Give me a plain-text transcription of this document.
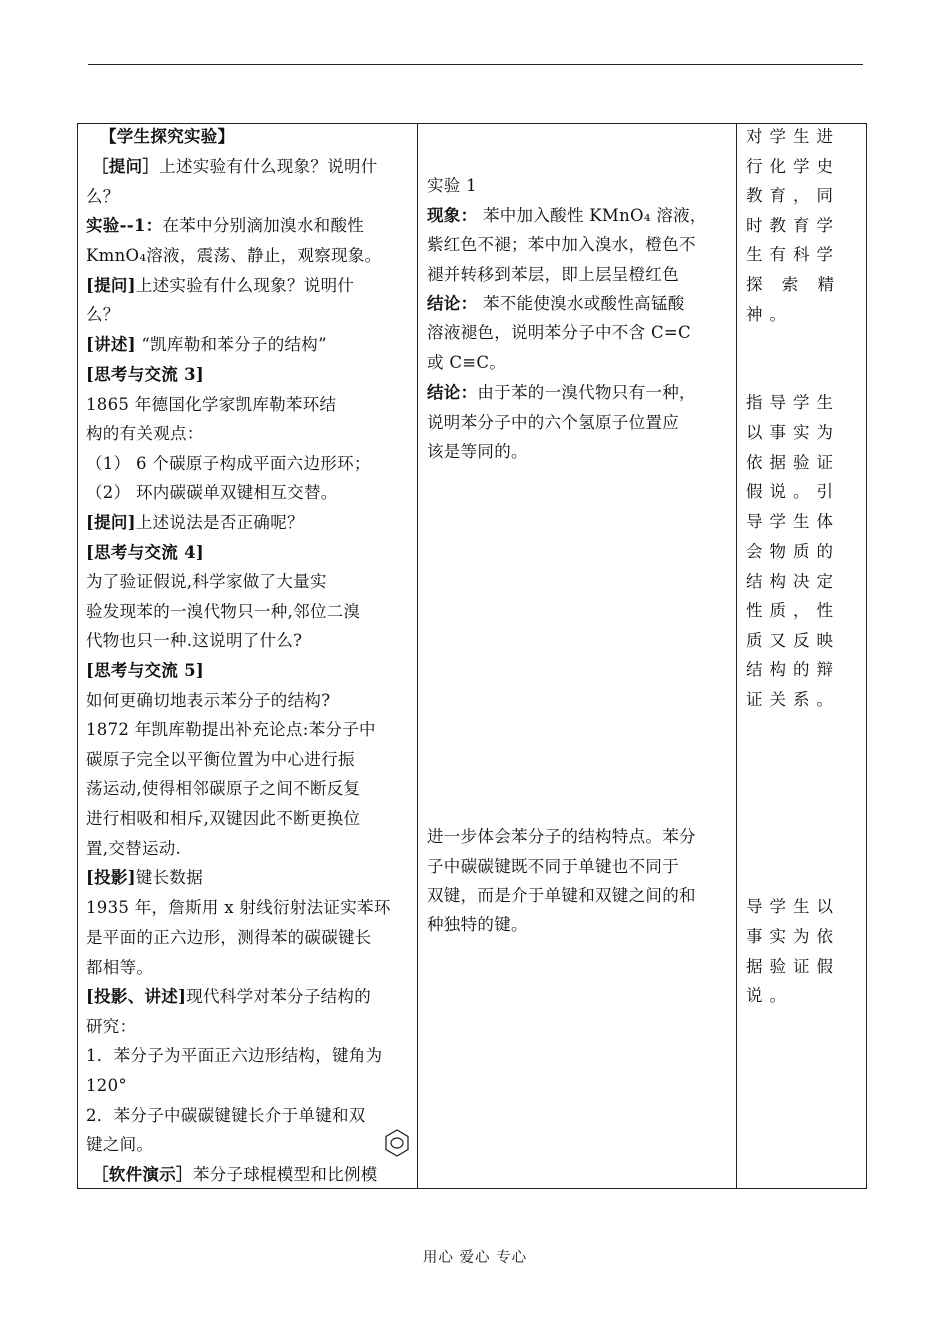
【学生探究实验】
［提问］上述实验有什么现象？说明什
么？
实验--1：在苯中分别滴加溴水和酸性
KmnO₄溶液，震荡、静止，观察现象。
[提问]上述实验有什么现象？说明什
么？
[讲述] “凯库勒和苯分子的结构”
[思考与交流 3]
1865 年德国化学家凯库勒苯环结
构的有关观点：
（1） 6 个碳原子构成平面六边形环；
（2） 环内碳碳单双键相互交替。
[提问]上述说法是否正确呢？
[思考与交流 4]
为了验证假说,科学家做了大量实
验发现苯的一溴代物只一种,邻位二溴
代物也只一种.这说明了什么?
[思考与交流 5]
如何更确切地表示苯分子的结构?
1872 年凯库勒提出补充论点:苯分子中
碳原子完全以平衡位置为中心进行振
荡运动,使得相邻碳原子之间不断反复
进行相吸和相斥,双键因此不断更换位
置,交替运动.
[投影]键长数据
1935 年，詹斯用 x 射线衍射法证实苯环
是平面的正六边形，测得苯的碳碳键长
都相等。
[投影、讲述]现代科学对苯分子结构的
研究：
1．苯分子为平面正六边形结构，键角为
120°
2．苯分子中碳碳键键长介于单键和双
键之间。
［软件演示］苯分子球棍模型和比例模
实验 1
现象： 苯中加入酸性 KMnO₄ 溶液，
紫红色不褪；苯中加入溴水，橙色不
褪并转移到苯层，即上层呈橙红色
结论： 苯不能使溴水或酸性高锰酸
溶液褪色，说明苯分子中不含 C=C
或 C≡C。
结论：由于苯的一溴代物只有一种，
说明苯分子中的六个氢原子位置应
该是等同的。
进一步体会苯分子的结构特点。苯分
子中碳碳键既不同于单键也不同于
双键，而是介于单键和双键之间的和
种独特的键。
对学生进
行化学史
教育，同
时教育学
生有科学
探 索 精
神。
指导学生
以事实为
依据验证
假说。引
导学生体
会物质的
结构决定
性质，性
质又反映
结构的辩
证关系。
导学生以
事实为依
据验证假
说。
用心 爱心 专心
